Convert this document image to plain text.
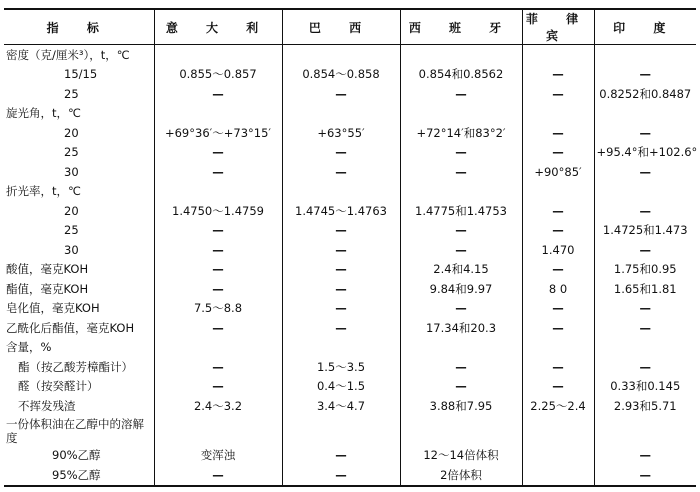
指 标	意 大 利	巴 西	西 班 牙	菲 律 宾	印 度
密度（克/厘米³），t，℃					
15/15	0.855～0.857	0.854～0.858	0.854和0.8562	—	—
25	—	—	—	—	0.8252和0.8487
旋光角，t，℃					
20	+69°36′～+73°15′	+63°55′	+72°14′和83°2′	—	—
25	—	—	—	—	+95.4°和+102.6°
30	—	—	—	+90°85′	—
折光率，t，℃					
20	1.4750～1.4759	1.4745～1.4763	1.4775和1.4753	—	—
25	—	—	—	—	1.4725和1.473
30	—	—	—	1.470	—
酸值，毫克KOH	—	—	2.4和4.15	—	1.75和0.95
酯值，毫克KOH	—	—	9.84和9.97	8 0	1.65和1.81
皂化值，毫克KOH	7.5～8.8	—	—	—	—
乙酰化后酯值，毫克KOH	—	—	17.34和20.3	—	—
含量，%					
酯（按乙酸芳樟酯计）	—	1.5～3.5	—	—	—
醛（按癸醛计）	—	0.4～1.5	—	—	0.33和0.145
不挥发残渣	2.4～3.2	3.4～4.7	3.88和7.95	2.25～2.4	2.93和5.71
一份体积油在乙醇中的溶解度					
90%乙醇	变浑浊	—	12～14倍体积		—
95%乙醇	—	—	2倍体积		—
